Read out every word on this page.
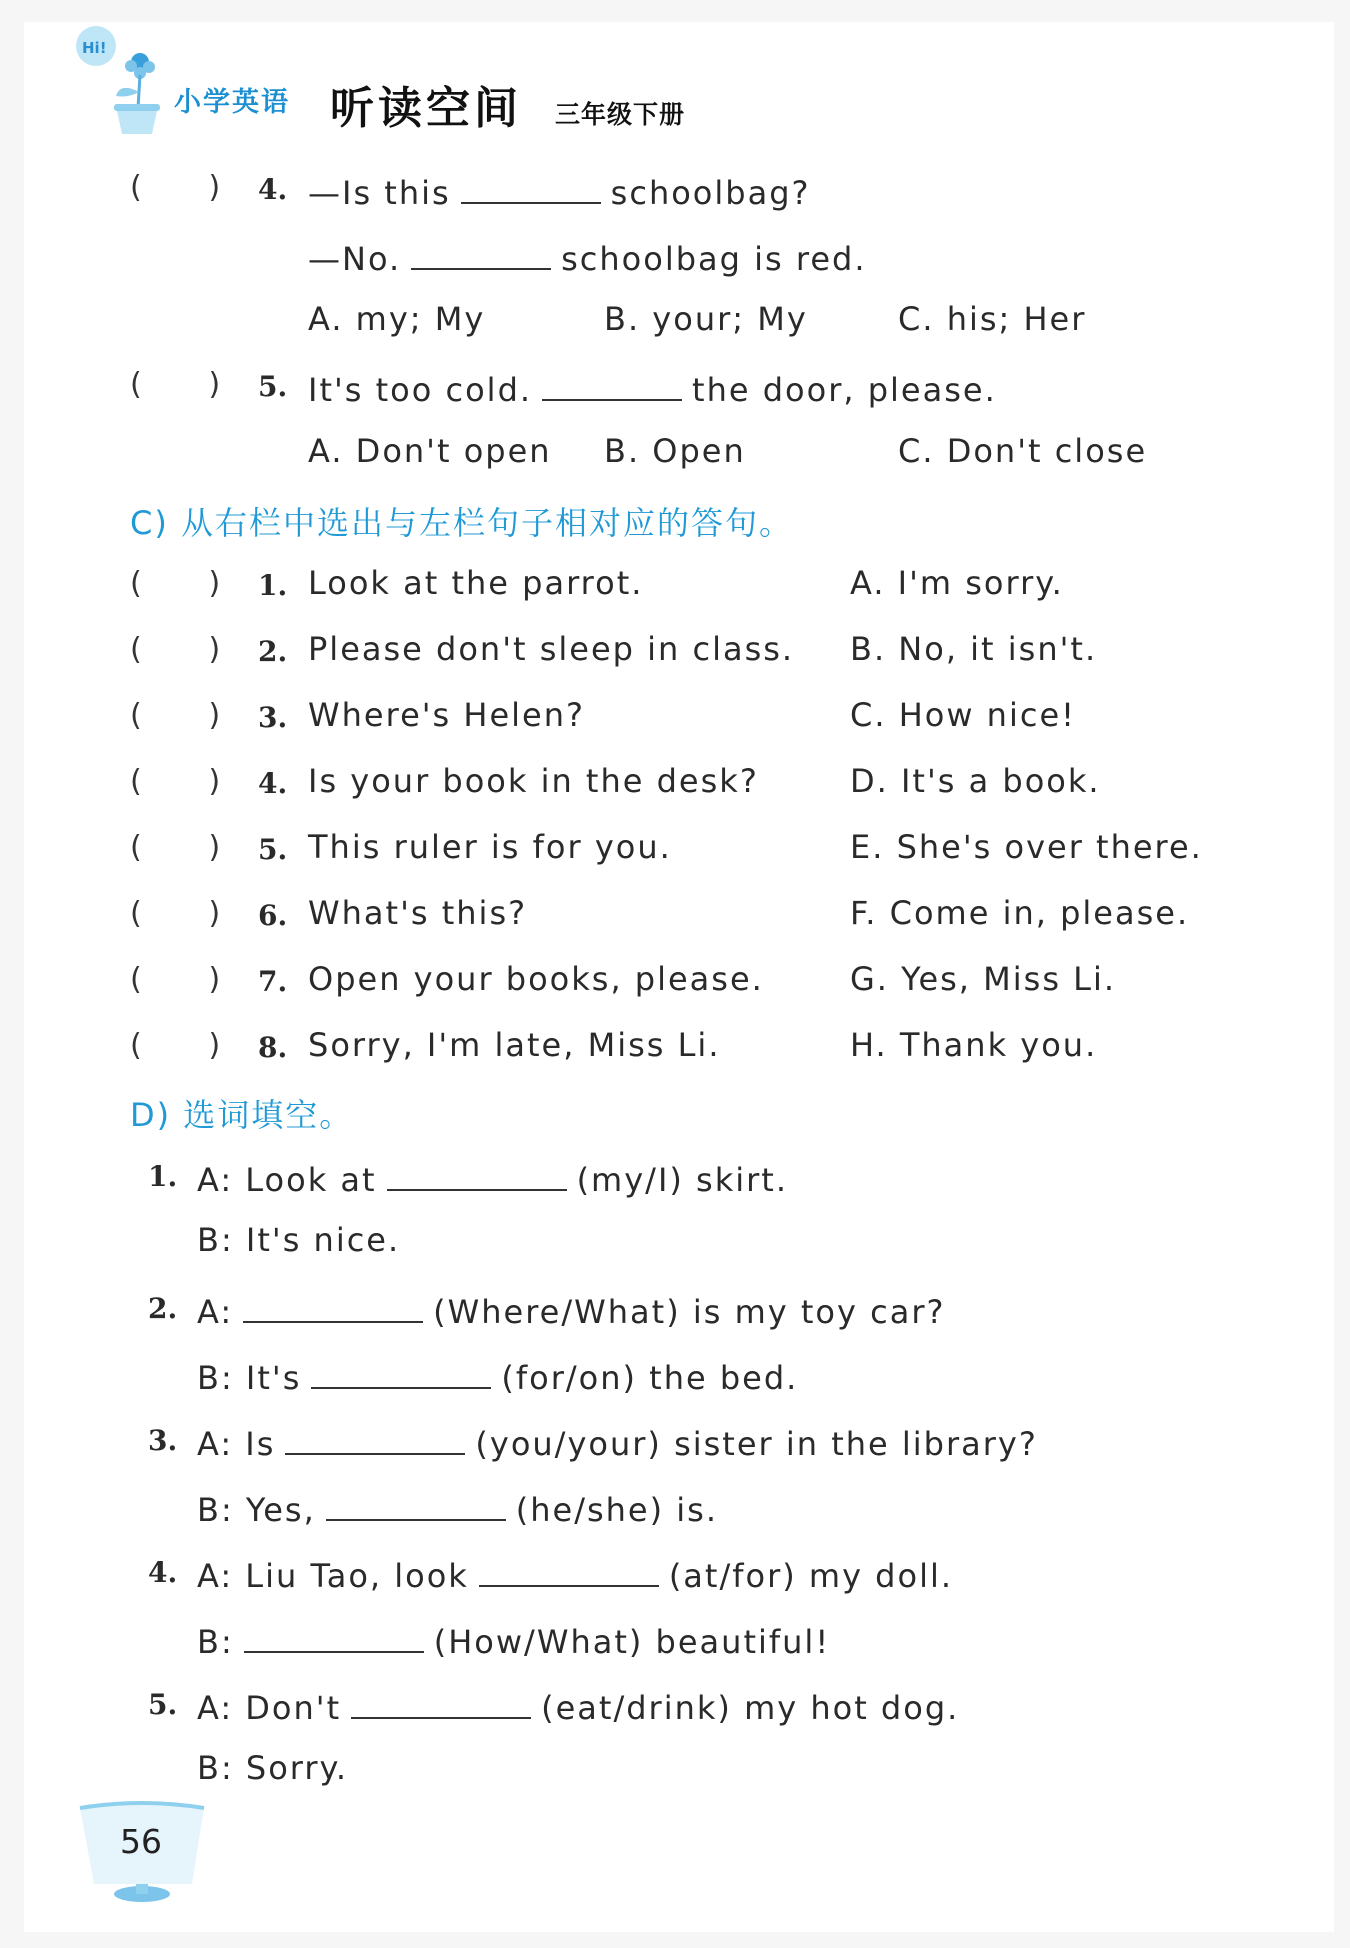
Hi!
小学英语 听读空间 三年级下册
(       ) 4. —Is this	schoolbag?
—No.	schoolbag is red.
A. my; My	B. your; My	C. his; Her
(       ) 5. It's too cold.	the door, please.
A. Don't open B. Open	C. Don't close
C) 从右栏中选出与左栏句子相对应的答句。
(       ) 1. Look at the parrot.	A. I'm sorry.
(       ) 2. Please don't sleep in class. B. No, it isn't.
(       ) 3. Where's Helen?	C. How nice!
(       ) 4. Is your book in the desk?	D. It's a book.
(       ) 5. This ruler is for you.	E. She's over there.
(       ) 6. What's this?	F. Come in, please.
(       ) 7. Open your books, please.	G. Yes, Miss Li.
(       ) 8. Sorry, I'm late, Miss Li.	H. Thank you.
D) 选词填空。
1. A: Look at	(my/I) skirt.
B: It's nice.
2. A:	(Where/What) is my toy car?
B: It's	(for/on) the bed.
3. A: Is	(you/your) sister in the library?
B: Yes,	(he/she) is.
4. A: Liu Tao, look	(at/for) my doll.
B:	(How/What) beautiful!
5. A: Don't	(eat/drink) my hot dog.
B: Sorry.
56
